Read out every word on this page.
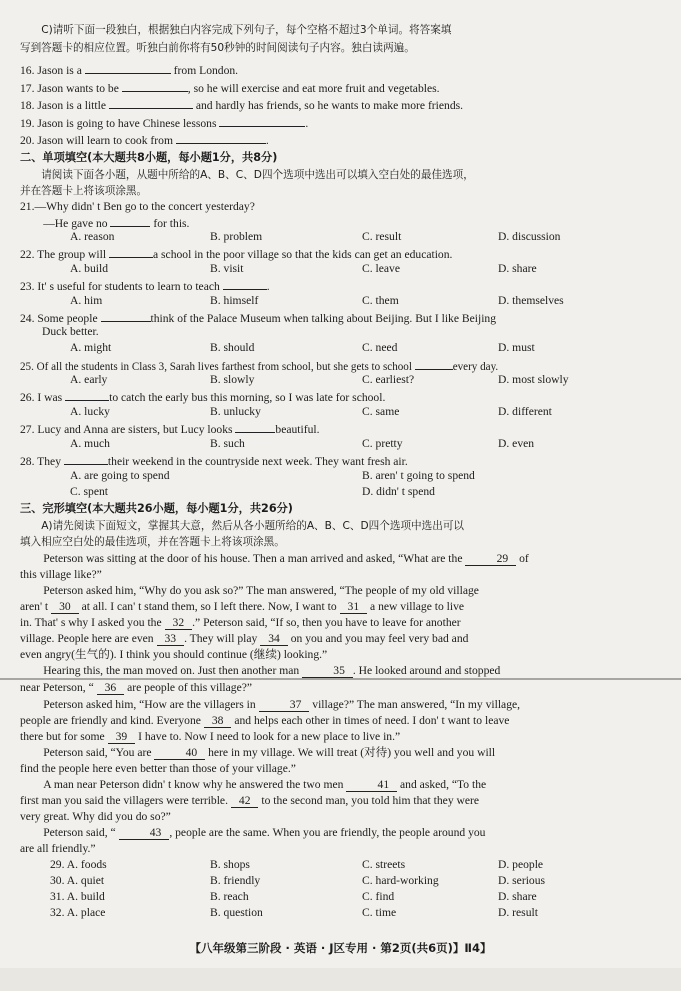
C)请听下面一段独白，根据独白内容完成下列句子，每个空格不超过3个单词。将答案填
写到答题卡的相应位置。听独白前你将有50秒钟的时间阅读句子内容。独白读两遍。
16. Jason is a	from London.
17. Jason wants to be	, so he will exercise and eat more fruit and vegetables.
18. Jason is a little	and hardly has friends, so he wants to make more friends.
19. Jason is going to have Chinese lessons	.
20. Jason will learn to cook from	.
二、单项填空(本大题共8小题，每小题1分，共8分)
请阅读下面各小题，从题中所给的A、B、C、D四个选项中选出可以填入空白处的最佳选项，
并在答题卡上将该项涂黑。
21.—Why didn' t Ben go to the concert yesterday?
—He gave no	for this.
A. reason	B. problem	C. result	D. discussion
22. The group will	a school in the poor village so that the kids can get an education.
A. build	B. visit	C. leave	D. share
23. It' s useful for students to learn to teach	.
A. him	B. himself	C. them	D. themselves
24. Some people	think of the Palace Museum when talking about Beijing. But I like Beijing
Duck better.
A. might	B. should	C. need	D. must
25. Of all the students in Class 3, Sarah lives farthest from school, but she gets to school	every day.
A. early	B. slowly	C. earliest?	D. most slowly
26. I was	to catch the early bus this morning, so I was late for school.
A. lucky	B. unlucky	C. same	D. different
27. Lucy and Anna are sisters, but Lucy looks	beautiful.
A. much	B. such	C. pretty	D. even
28. They	their weekend in the countryside next week. They want fresh air.
A. are going to spend	B. aren' t going to spend
C. spent	D. didn' t spend
三、完形填空(本大题共26小题，每小题1分，共26分)
A)请先阅读下面短文，掌握其大意，然后从各小题所给的A、B、C、D四个选项中选出可以
填入相应空白处的最佳选项，并在答题卡上将该项涂黑。
Peterson was sitting at the door of his house. Then a man arrived and asked, “What are the	29 of
this village like?”
Peterson asked him, “Why do you ask so?” The man answered, “The people of my old village
aren' t 30 at all. I can' t stand them, so I left there. Now, I want to 31 a new village to live
in. That' s why I asked you the 32 .” Peterson said, “If so, then you have to leave for another
village. People here are even 33 . They will play 34 on you and you may feel very bad and
even angry(生气的). I think you should continue (继续) looking.”
Hearing this, the man moved on. Just then another man	35 . He looked around and stopped
near Peterson, “ 36 are people of this village?”
Peterson asked him, “How are the villagers in	37 village?” The man answered, “In my village,
people are friendly and kind. Everyone 38 and helps each other in times of need. I don' t want to leave
there but for some 39 I have to. Now I need to look for a new place to live in.”
Peterson said, “You are	40 here in my village. We will treat (对待) you well and you will
find the people here even better than those of your village.”
A man near Peterson didn' t know why he answered the two men	41 and asked, “To the
first man you said the villagers were terrible. 42 to the second man, you told him that they were
very great. Why did you do so?”
Peterson said, “	43 , people are the same. When you are friendly, the people around you
are all friendly.”
29. A. foods	B. shops	C. streets	D. people
30. A. quiet	B. friendly	C. hard-working	D. serious
31. A. build	B. reach	C. find	D. share
32. A. place	B. question	C. time	D. result
【八年级第三阶段 · 英语 · J区专用 · 第2页(共6页)】Ⅱ4】
